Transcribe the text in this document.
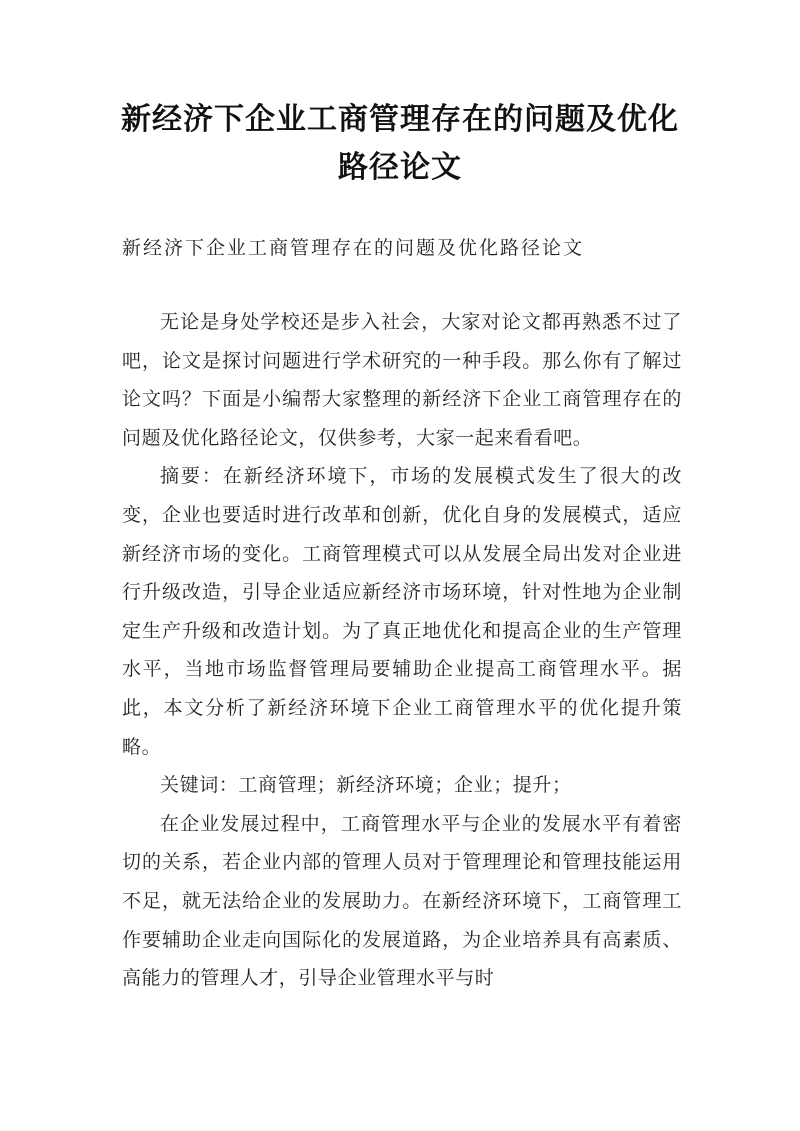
新经济下企业工商管理存在的问题及优化路径论文

新经济下企业工商管理存在的问题及优化路径论文

无论是身处学校还是步入社会，大家对论文都再熟悉不过了吧，论文是探讨问题进行学术研究的一种手段。那么你有了解过论文吗？下面是小编帮大家整理的新经济下企业工商管理存在的问题及优化路径论文，仅供参考，大家一起来看看吧。

摘要：在新经济环境下，市场的发展模式发生了很大的改变，企业也要适时进行改革和创新，优化自身的发展模式，适应新经济市场的变化。工商管理模式可以从发展全局出发对企业进行升级改造，引导企业适应新经济市场环境，针对性地为企业制定生产升级和改造计划。为了真正地优化和提高企业的生产管理水平，当地市场监督管理局要辅助企业提高工商管理水平。据此，本文分析了新经济环境下企业工商管理水平的优化提升策略。

关键词：工商管理；新经济环境；企业；提升；

在企业发展过程中，工商管理水平与企业的发展水平有着密切的关系，若企业内部的管理人员对于管理理论和管理技能运用不足，就无法给企业的发展助力。在新经济环境下，工商管理工作要辅助企业走向国际化的发展道路，为企业培养具有高素质、高能力的管理人才，引导企业管理水平与时
